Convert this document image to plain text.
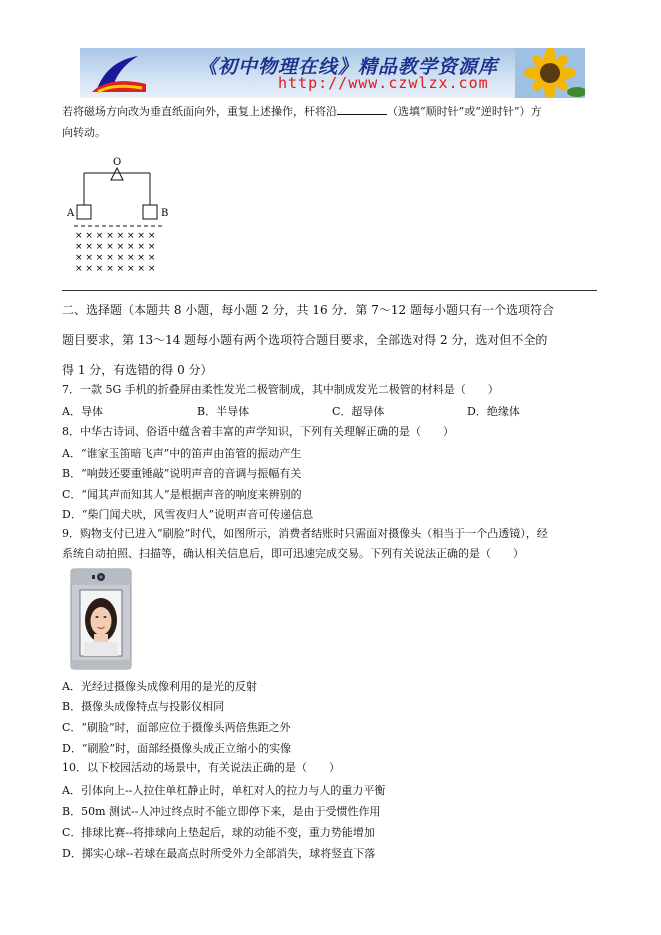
《初中物理在线》精品教学资源库
http://www.czwlzx.com
若将磁场方向改为垂直纸面向外，重复上述操作，杆将沿	（选填“顺时针”或“逆时针”）方
向转动。
O
A	B
× × × × × × × ×
× × × × × × × ×
× × × × × × × ×
× × × × × × × ×
二、选择题（本题共 8 小题，每小题 2 分，共 16 分．第 7～12 题每小题只有一个选项符合
题目要求，第 13～14 题每小题有两个选项符合题目要求，全部选对得 2 分，选对但不全的
得 1 分，有选错的得 0 分）
7．一款 5G 手机的折叠屏由柔性发光二极管制成，其中制成发光二极管的材料是（　　）
A．导体	B．半导体	C．超导体	D．绝缘体
8．中华古诗词、俗语中蕴含着丰富的声学知识，下列有关理解正确的是（　　）
A．“谁家玉笛暗飞声”中的笛声由笛管的振动产生
B．“响鼓还要重锤敲”说明声音的音调与振幅有关
C．“闻其声而知其人”是根据声音的响度来辨别的
D．“柴门闻犬吠，风雪夜归人”说明声音可传递信息
9．购物支付已进入“刷脸”时代，如图所示，消费者结账时只需面对摄像头（相当于一个凸透镜），经
系统自动拍照、扫描等，确认相关信息后，即可迅速完成交易。下列有关说法正确的是（　　）
A．光经过摄像头成像利用的是光的反射
B．摄像头成像特点与投影仪相同
C．“刷脸”时，面部应位于摄像头两倍焦距之外
D．“刷脸”时，面部经摄像头成正立缩小的实像
10．以下校园活动的场景中，有关说法正确的是（　　）
A．引体向上--人拉住单杠静止时，单杠对人的拉力与人的重力平衡
B．50m 测试--人冲过终点时不能立即停下来，是由于受惯性作用
C．排球比赛--将排球向上垫起后，球的动能不变，重力势能增加
D．掷实心球--若球在最高点时所受外力全部消失，球将竖直下落
